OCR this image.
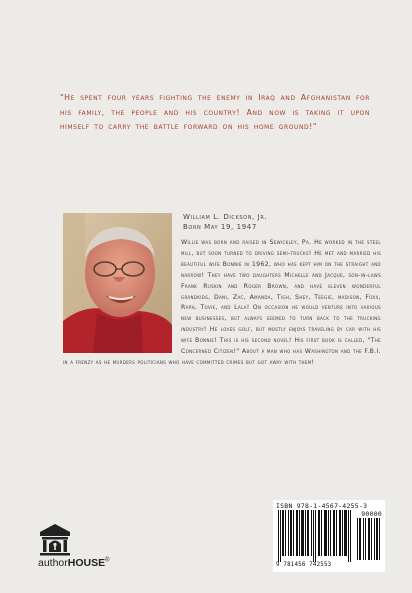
"He spent four years fighting the enemy in Iraq and Afghanistan for his family, the people and his country! And now is taking it upon himself to carry the battle forward on his home ground!"

William L. Dickson, Jr.
Born May 19, 1947
Willie was born and raised in Sewickley, Pa. He worked in the steel mill, but soon turned to driving semi-trucks! He met and married his beautiful wife Bonnie in 1962, who has kept him on the straight and narrow! They have two daughters Michelle and Jacque, son-in-laws Frank Ruskin and Roger Brown, and have eleven wonderful grandkids, Dani, Zac, Amanda, Tigh, Shey, Teegie, madison, Foxx, Raph, Tovie, and Lala! On occasion he would venture into various new businesses, but always seemed to turn back to the trucking industry! He loves golf, but mostly enjoys traveling by car with his wife Bonnie! This is his second novel! His first book is called, "The Concerned Citizen!" About a man who has Washington and the F.B.I. in a frenzy as he murders politicians who have committed crimes but got away with them!
authorHOUSE®
ISBN 978-1-4567-4255-3
90000
9 781456 742553
